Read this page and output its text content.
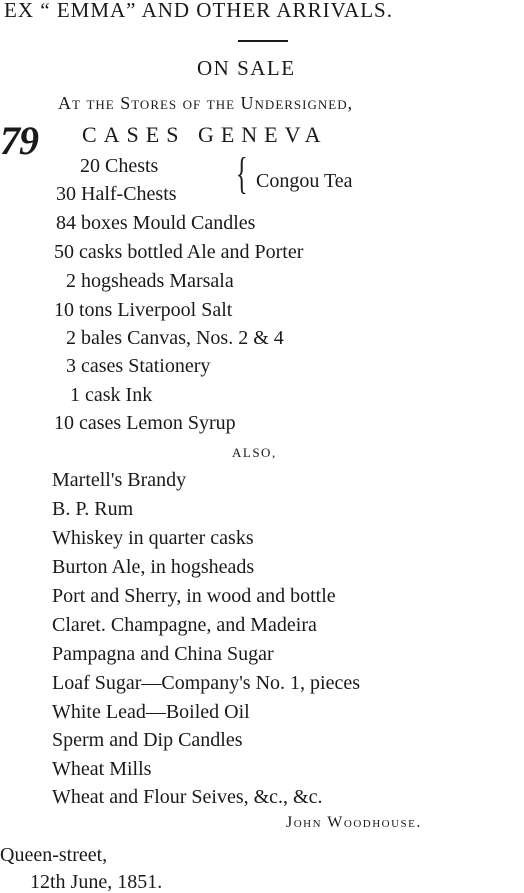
EX “ EMMA” AND OTHER ARRIVALS.
ON SALE
At the Stores of the Undersigned,
79 CASES GENEVA
20 Chests
30 Half-Chests { Congou Tea
84 boxes Mould Candles
50 casks bottled Ale and Porter
2 hogsheads Marsala
10 tons Liverpool Salt
2 bales Canvas, Nos. 2 & 4
3 cases Stationery
1 cask Ink
10 cases Lemon Syrup
ALSO,
Martell's Brandy
B. P. Rum
Whiskey in quarter casks
Burton Ale, in hogsheads
Port and Sherry, in wood and bottle
Claret. Champagne, and Madeira
Pampagna and China Sugar
Loaf Sugar—Company's No. 1, pieces
White Lead—Boiled Oil
Sperm and Dip Candles
Wheat Mills
Wheat and Flour Seives, &c., &c.
John Woodhouse.
Queen-street,
12th June, 1851.
